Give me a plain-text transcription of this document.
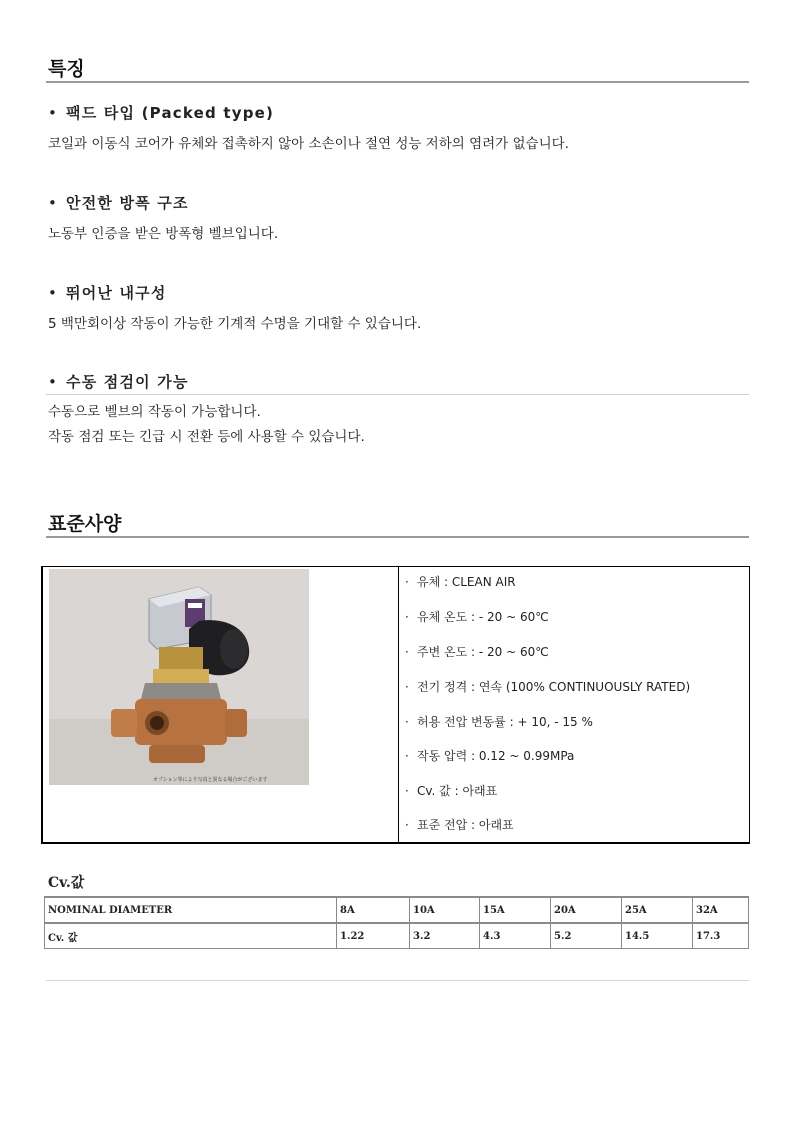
특징
• 팩드 타입 (Packed type)
코일과 이동식 코어가 유체와 접촉하지 않아 소손이나 절연 성능 저하의 염려가 없습니다.
• 안전한 방폭 구조
노동부 인증을 받은 방폭형 벨브입니다.
• 뛰어난 내구성
5 백만회이상 작동이 가능한 기계적 수명을 기대할 수 있습니다.
• 수동 점검이 가능
수동으로 벨브의 작동이 가능합니다.
작동 점검 또는 긴급 시 전환 등에 사용할 수 있습니다.
표준사양
オプション等により写真と異なる場合がございます
· 유체 : CLEAN AIR
· 유체 온도 : - 20 ~ 60℃
· 주변 온도 : - 20 ~ 60℃
· 전기 정격 : 연속 (100% CONTINUOUSLY RATED)
· 허용 전압 변동률 : + 10, - 15 %
· 작동 압력 : 0.12 ~ 0.99MPa
· Cv. 값 : 아래표
· 표준 전압 : 아래표
Cv.값
NOMINAL DIAMETER	8A	10A	15A	20A	25A	32A
Cv. 값	1.22	3.2	4.3	5.2	14.5	17.3
